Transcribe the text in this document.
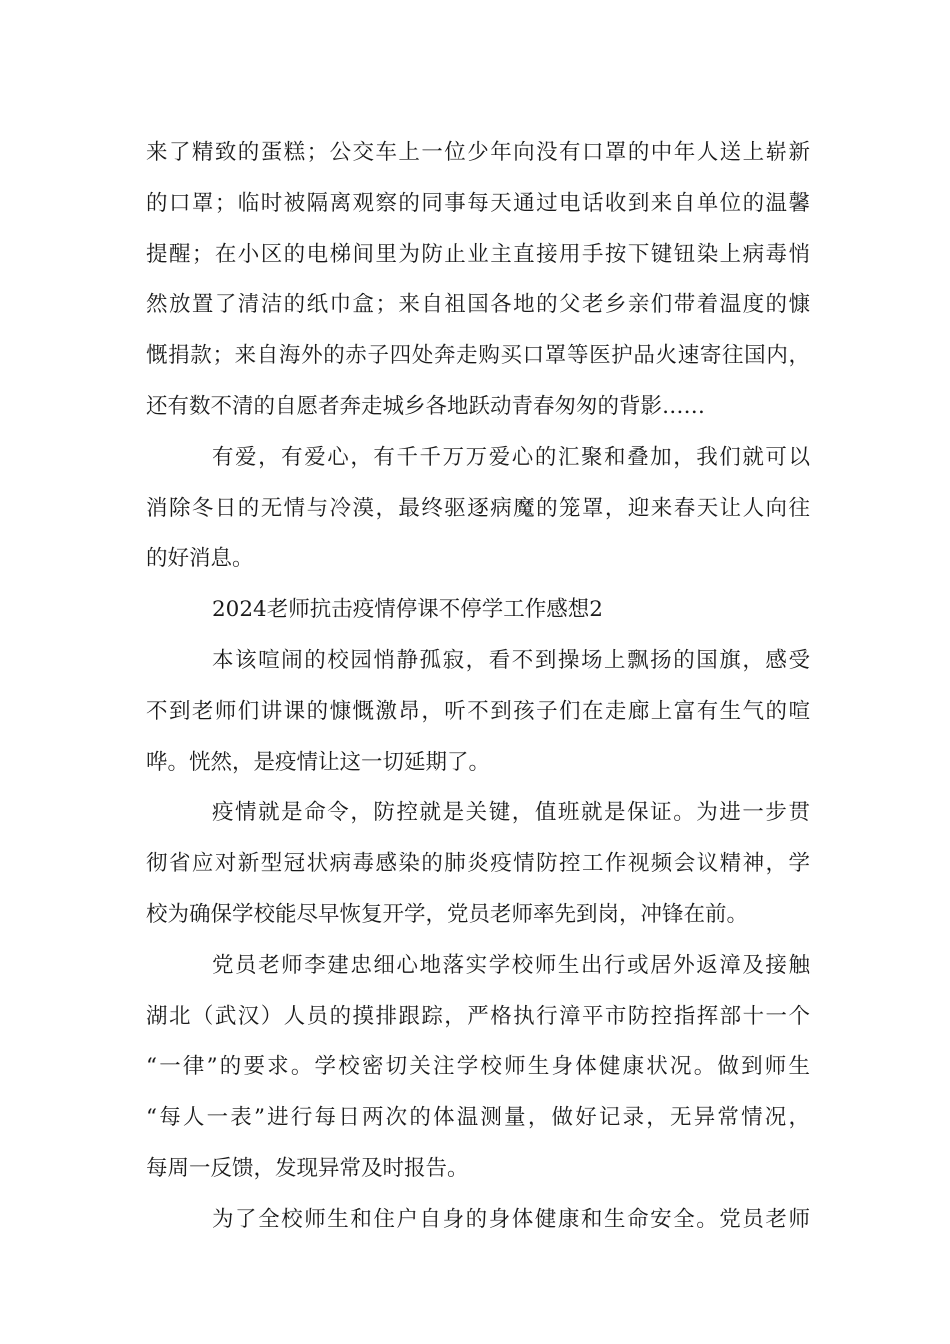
来了精致的蛋糕；公交车上一位少年向没有口罩的中年人送上崭新
的口罩；临时被隔离观察的同事每天通过电话收到来自单位的温馨
提醒；在小区的电梯间里为防止业主直接用手按下键钮染上病毒悄
然放置了清洁的纸巾盒；来自祖国各地的父老乡亲们带着温度的慷
慨捐款；来自海外的赤子四处奔走购买口罩等医护品火速寄往国内，
还有数不清的自愿者奔走城乡各地跃动青春匆匆的背影……
有爱，有爱心，有千千万万爱心的汇聚和叠加，我们就可以
消除冬日的无情与冷漠，最终驱逐病魔的笼罩，迎来春天让人向往
的好消息。
2024老师抗击疫情停课不停学工作感想2
本该喧闹的校园悄静孤寂，看不到操场上飘扬的国旗，感受
不到老师们讲课的慷慨激昂，听不到孩子们在走廊上富有生气的喧
哗。恍然，是疫情让这一切延期了。
疫情就是命令，防控就是关键，值班就是保证。为进一步贯
彻省应对新型冠状病毒感染的肺炎疫情防控工作视频会议精神，学
校为确保学校能尽早恢复开学，党员老师率先到岗，冲锋在前。
党员老师李建忠细心地落实学校师生出行或居外返漳及接触
湖北（武汉）人员的摸排跟踪，严格执行漳平市防控指挥部十一个
“一律”的要求。学校密切关注学校师生身体健康状况。做到师生
“每人一表”进行每日两次的体温测量，做好记录，无异常情况，
每周一反馈，发现异常及时报告。
为了全校师生和住户自身的身体健康和生命安全。党员老师
